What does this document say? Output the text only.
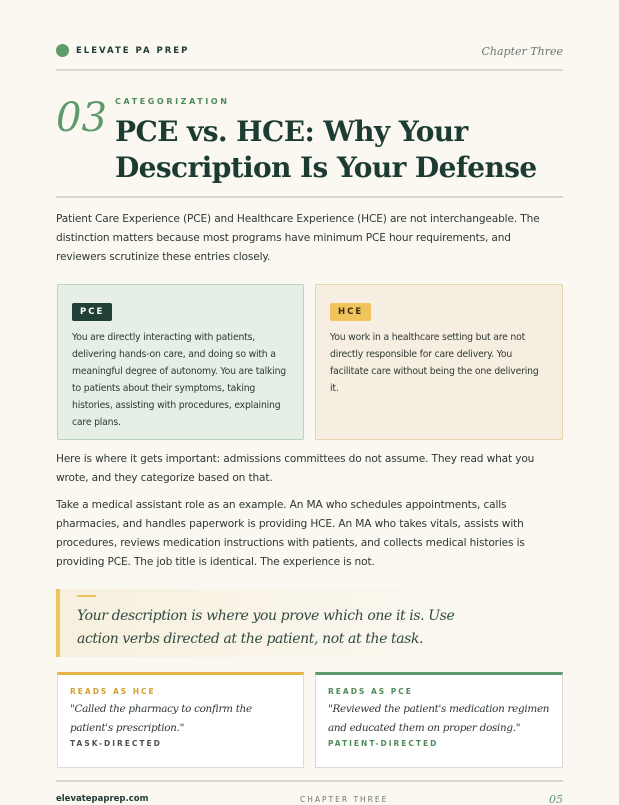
ELEVATE PA PREP	Chapter Three
03 CATEGORIZATION
PCE vs. HCE: Why Your
Description Is Your Defense

Patient Care Experience (PCE) and Healthcare Experience (HCE) are not interchangeable. The distinction matters because most programs have minimum PCE hour requirements, and reviewers scrutinize these entries closely.

PCE

You are directly interacting with patients, delivering hands-on care, and doing so with a meaningful degree of autonomy. You are talking to patients about their symptoms, taking histories, assisting with procedures, explaining care plans.

HCE

You work in a healthcare setting but are not directly responsible for care delivery. You facilitate care without being the one delivering it.

Here is where it gets important: admissions committees do not assume. They read what you wrote, and they categorize based on that.

Take a medical assistant role as an example. An MA who schedules appointments, calls pharmacies, and handles paperwork is providing HCE. An MA who takes vitals, assists with procedures, reviews medication instructions with patients, and collects medical histories is providing PCE. The job title is identical. The experience is not.

Your description is where you prove which one it is. Use
action verbs directed at the patient, not at the task.

READS AS HCE

"Called the pharmacy to confirm the patient's prescription."

TASK-DIRECTED
READS AS PCE

"Reviewed the patient's medication regimen and educated them on proper dosing."

PATIENT-DIRECTED
elevatepaprep.com	CHAPTER THREE	05
